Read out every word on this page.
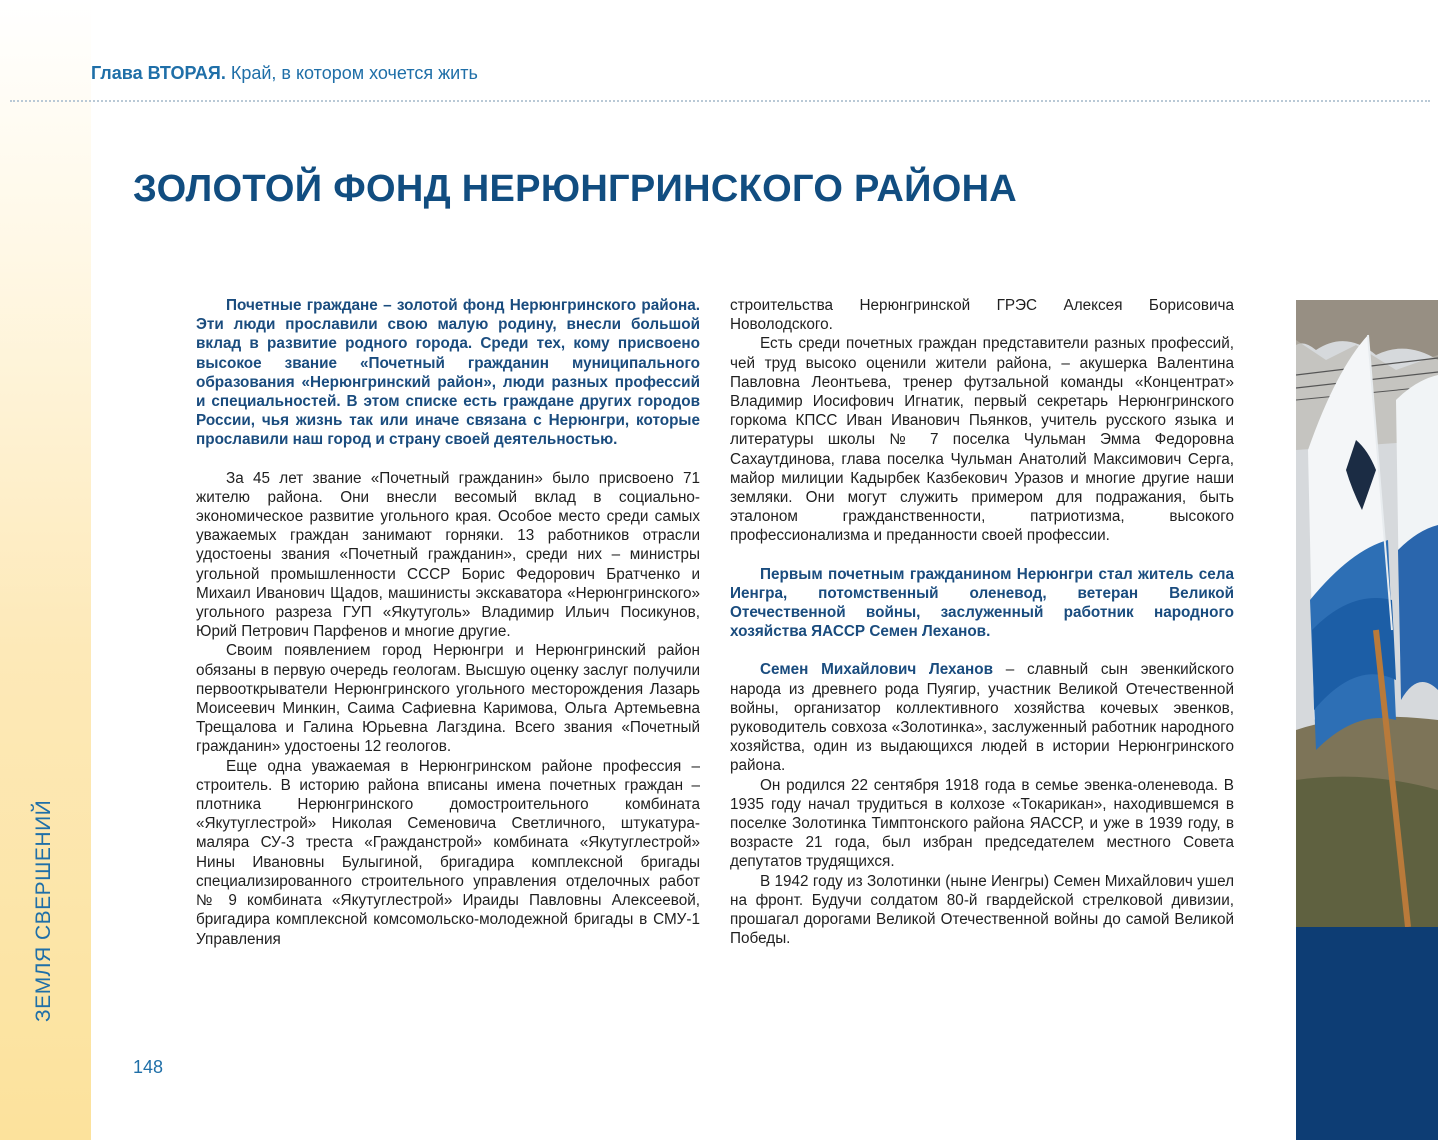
ЗЕМЛЯ СВЕРШЕНИЙ
148
Глава ВТОРАЯ. Край, в котором хочется жить
ЗОЛОТОЙ ФОНД НЕРЮНГРИНСКОГО РАЙОНА

Почетные граждане – золотой фонд Нерюнгринского района. Эти люди прославили свою малую родину, внесли большой вклад в развитие родного города. Среди тех, кому присвоено высокое звание «Почетный гражданин муниципального образования «Нерюнгринский район», люди разных профессий и специальностей. В этом списке есть граждане других городов России, чья жизнь так или иначе связана с Нерюнгри, которые прославили наш город и страну своей деятельностью.

За 45 лет звание «Почетный гражданин» было присвоено 71 жителю района. Они внесли весомый вклад в социально-экономическое развитие угольного края. Особое место среди самых уважаемых граждан занимают горняки. 13 работников отрасли удостоены звания «Почетный гражданин», среди них – министры угольной промышленности СССР Борис Федорович Братченко и Михаил Иванович Щадов, машинисты экскаватора «Нерюнгринского» угольного разреза ГУП «Якутуголь» Владимир Ильич Посикунов, Юрий Петрович Парфенов и многие другие.

Своим появлением город Нерюнгри и Нерюнгринский район обязаны в первую очередь геологам. Высшую оценку заслуг получили первооткрыватели Нерюнгринского угольного месторождения Лазарь Моисеевич Минкин, Саима Сафиевна Каримова, Ольга Артемьевна Трещалова и Галина Юрьевна Лагздина. Всего звания «Почетный гражданин» удостоены 12 геологов.

Еще одна уважаемая в Нерюнгринском районе профессия – строитель. В историю района вписаны имена почетных граждан – плотника Нерюнгринского домостроительного комбината «Якутуглестрой» Николая Семеновича Светличного, штукатура-маляра СУ-3 треста «Гражданстрой» комбината «Якутуглестрой» Нины Ивановны Булыгиной, бригадира комплексной бригады специализированного строительного управления отделочных работ № 9 комбината «Якутуглестрой» Ираиды Павловны Алексеевой, бригадира комплексной комсомольско-молодежной бригады в СМУ-1 Управления

строительства Нерюнгринской ГРЭС Алексея Борисовича Новолодского.

Есть среди почетных граждан представители разных профессий, чей труд высоко оценили жители района, – акушерка Валентина Павловна Леонтьева, тренер футзальной команды «Концентрат» Владимир Иосифович Игнатик, первый секретарь Нерюнгринского горкома КПСС Иван Иванович Пьянков, учитель русского языка и литературы школы № 7 поселка Чульман Эмма Федоровна Сахаутдинова, глава поселка Чульман Анатолий Максимович Серга, майор милиции Кадырбек Казбекович Уразов и многие другие наши земляки. Они могут служить примером для подражания, быть эталоном гражданственности, патриотизма, высокого профессионализма и преданности своей профессии.

Первым почетным гражданином Нерюнгри стал житель села Иенгра, потомственный оленевод, ветеран Великой Отечественной войны, заслуженный работник народного хозяйства ЯАССР Семен Леханов.

Семен Михайлович Леханов – славный сын эвенкийского народа из древнего рода Пуягир, участник Великой Отечественной войны, организатор коллективного хозяйства кочевых эвенков, руководитель совхоза «Золотинка», заслуженный работник народного хозяйства, один из выдающихся людей в истории Нерюнгринского района.

Он родился 22 сентября 1918 года в семье эвенка-оленевода. В 1935 году начал трудиться в колхозе «Токарикан», находившемся в поселке Золотинка Тимптонского района ЯАССР, и уже в 1939 году, в возрасте 21 года, был избран председателем местного Совета депутатов трудящихся.

В 1942 году из Золотинки (ныне Иенгры) Семен Михайлович ушел на фронт. Будучи солдатом 80-й гвардейской стрелковой дивизии, прошагал дорогами Великой Отечественной войны до самой Великой Победы.
